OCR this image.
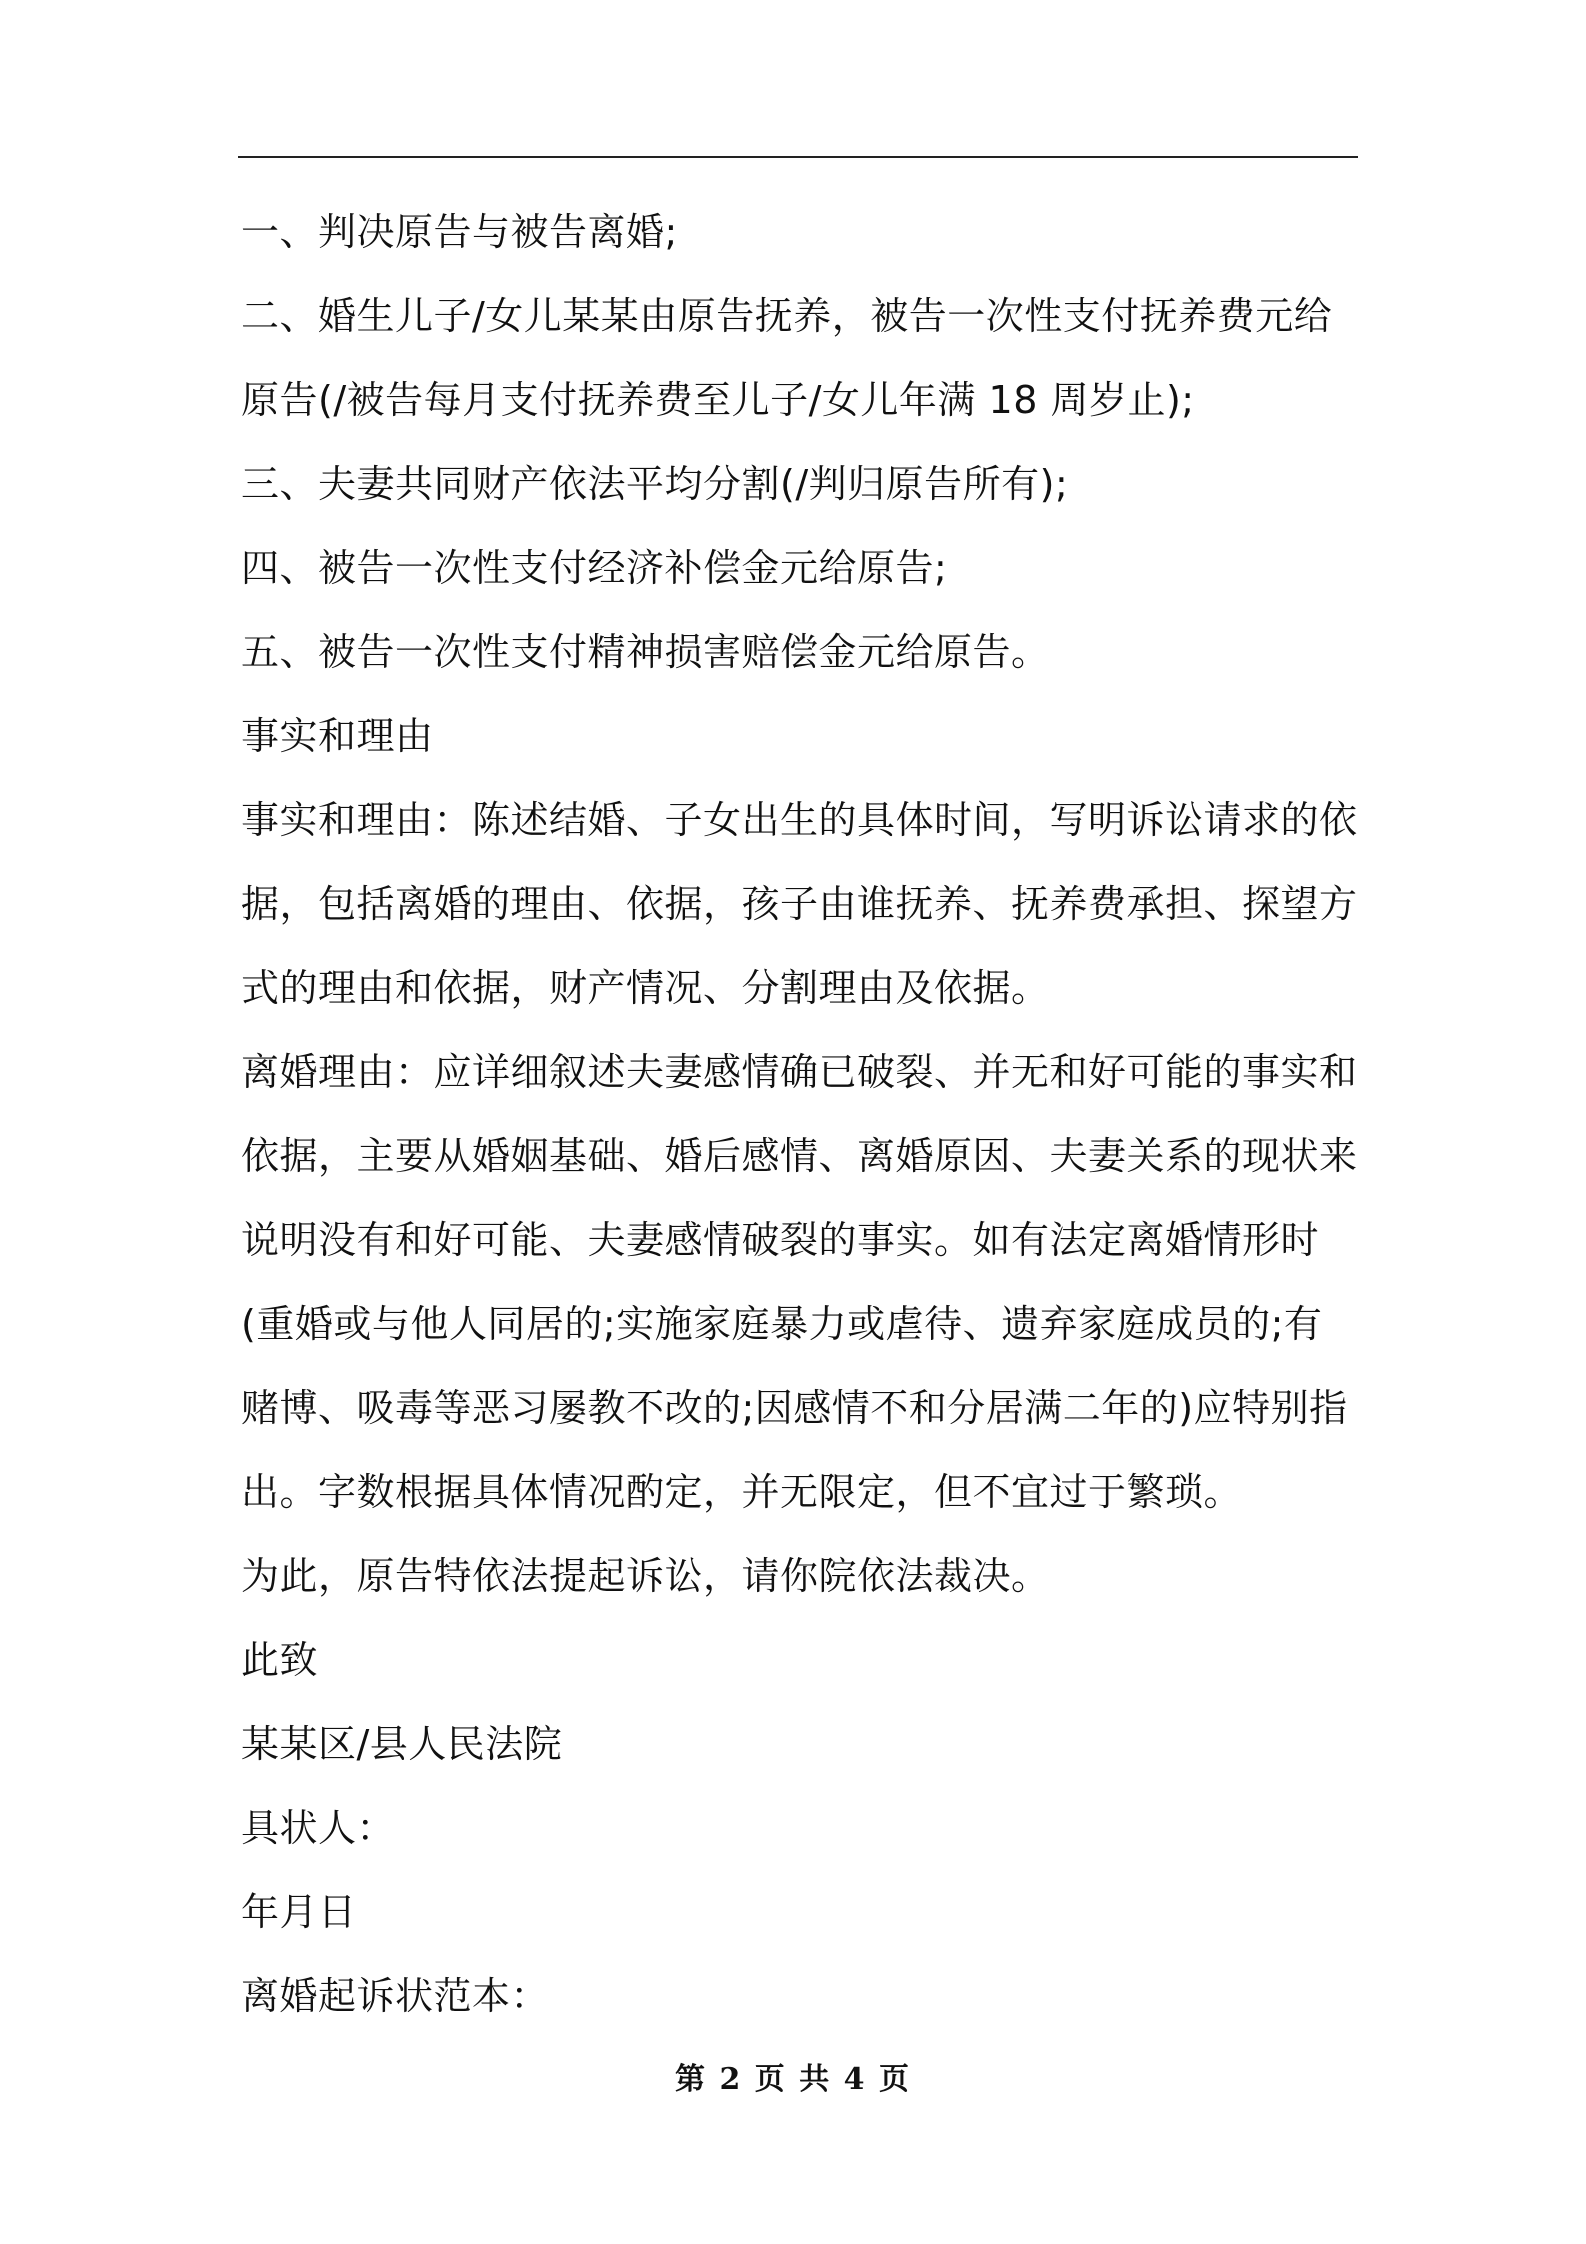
一、判决原告与被告离婚;

二、婚生儿子/女儿某某由原告抚养，被告一次性支付抚养费元给原告(/被告每月支付抚养费至儿子/女儿年满 18 周岁止);

三、夫妻共同财产依法平均分割(/判归原告所有);

四、被告一次性支付经济补偿金元给原告;

五、被告一次性支付精神损害赔偿金元给原告。

事实和理由

事实和理由：陈述结婚、子女出生的具体时间，写明诉讼请求的依据，包括离婚的理由、依据，孩子由谁抚养、抚养费承担、探望方式的理由和依据，财产情况、分割理由及依据。

离婚理由：应详细叙述夫妻感情确已破裂、并无和好可能的事实和依据，主要从婚姻基础、婚后感情、离婚原因、夫妻关系的现状来说明没有和好可能、夫妻感情破裂的事实。如有法定离婚情形时(重婚或与他人同居的;实施家庭暴力或虐待、遗弃家庭成员的;有赌博、吸毒等恶习屡教不改的;因感情不和分居满二年的)应特别指出。字数根据具体情况酌定，并无限定，但不宜过于繁琐。

为此，原告特依法提起诉讼，请你院依法裁决。

此致

某某区/县人民法院

具状人：

年月日

离婚起诉状范本：

第 2 页 共 4 页
